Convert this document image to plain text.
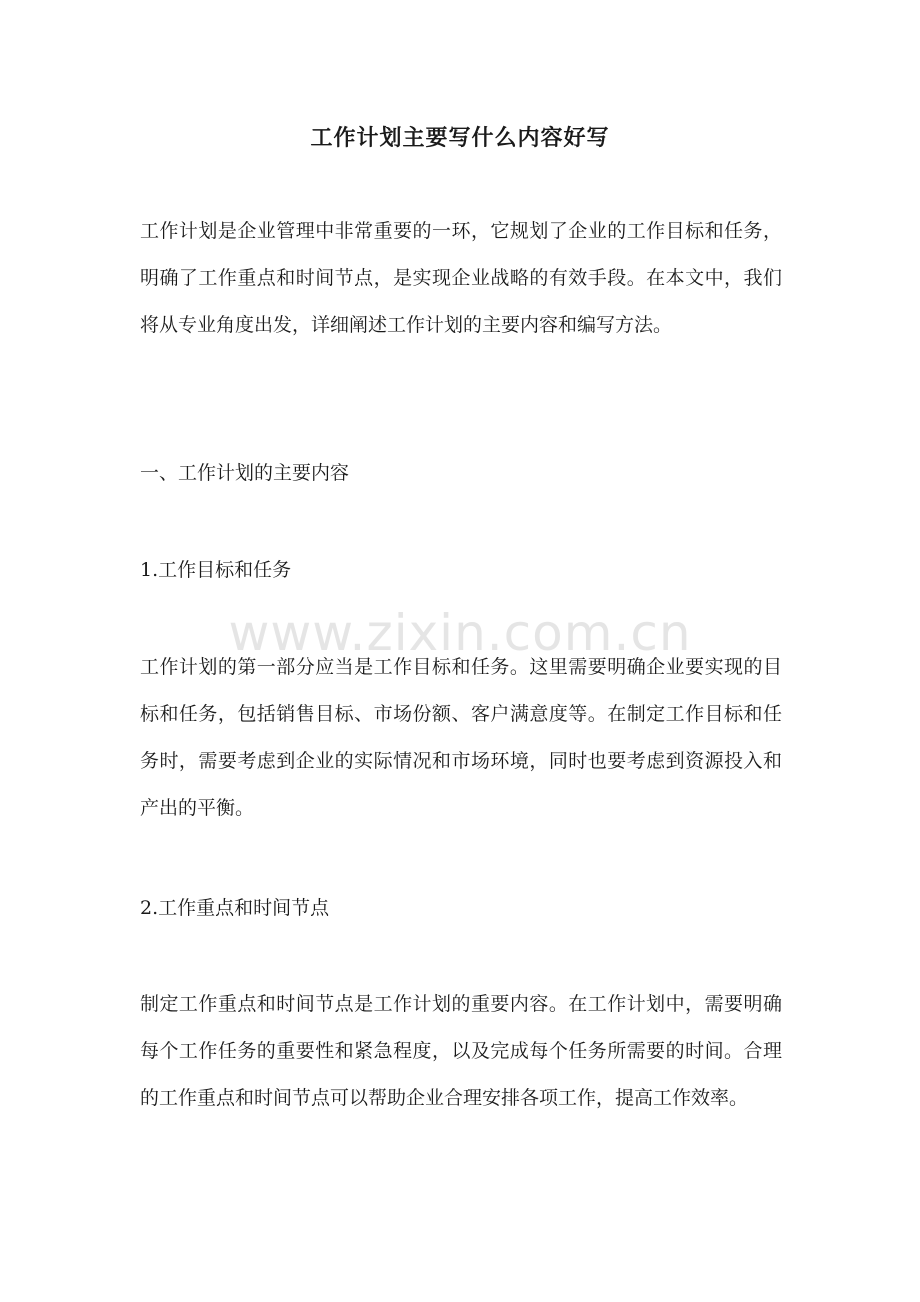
工作计划主要写什么内容好写

工作计划是企业管理中非常重要的一环，它规划了企业的工作目标和任务，明确了工作重点和时间节点，是实现企业战略的有效手段。在本文中，我们将从专业角度出发，详细阐述工作计划的主要内容和编写方法。

一、工作计划的主要内容

1.工作目标和任务

工作计划的第一部分应当是工作目标和任务。这里需要明确企业要实现的目标和任务，包括销售目标、市场份额、客户满意度等。在制定工作目标和任务时，需要考虑到企业的实际情况和市场环境，同时也要考虑到资源投入和产出的平衡。

2.工作重点和时间节点

制定工作重点和时间节点是工作计划的重要内容。在工作计划中，需要明确每个工作任务的重要性和紧急程度，以及完成每个任务所需要的时间。合理的工作重点和时间节点可以帮助企业合理安排各项工作，提高工作效率。

www.zixin.com.cn
